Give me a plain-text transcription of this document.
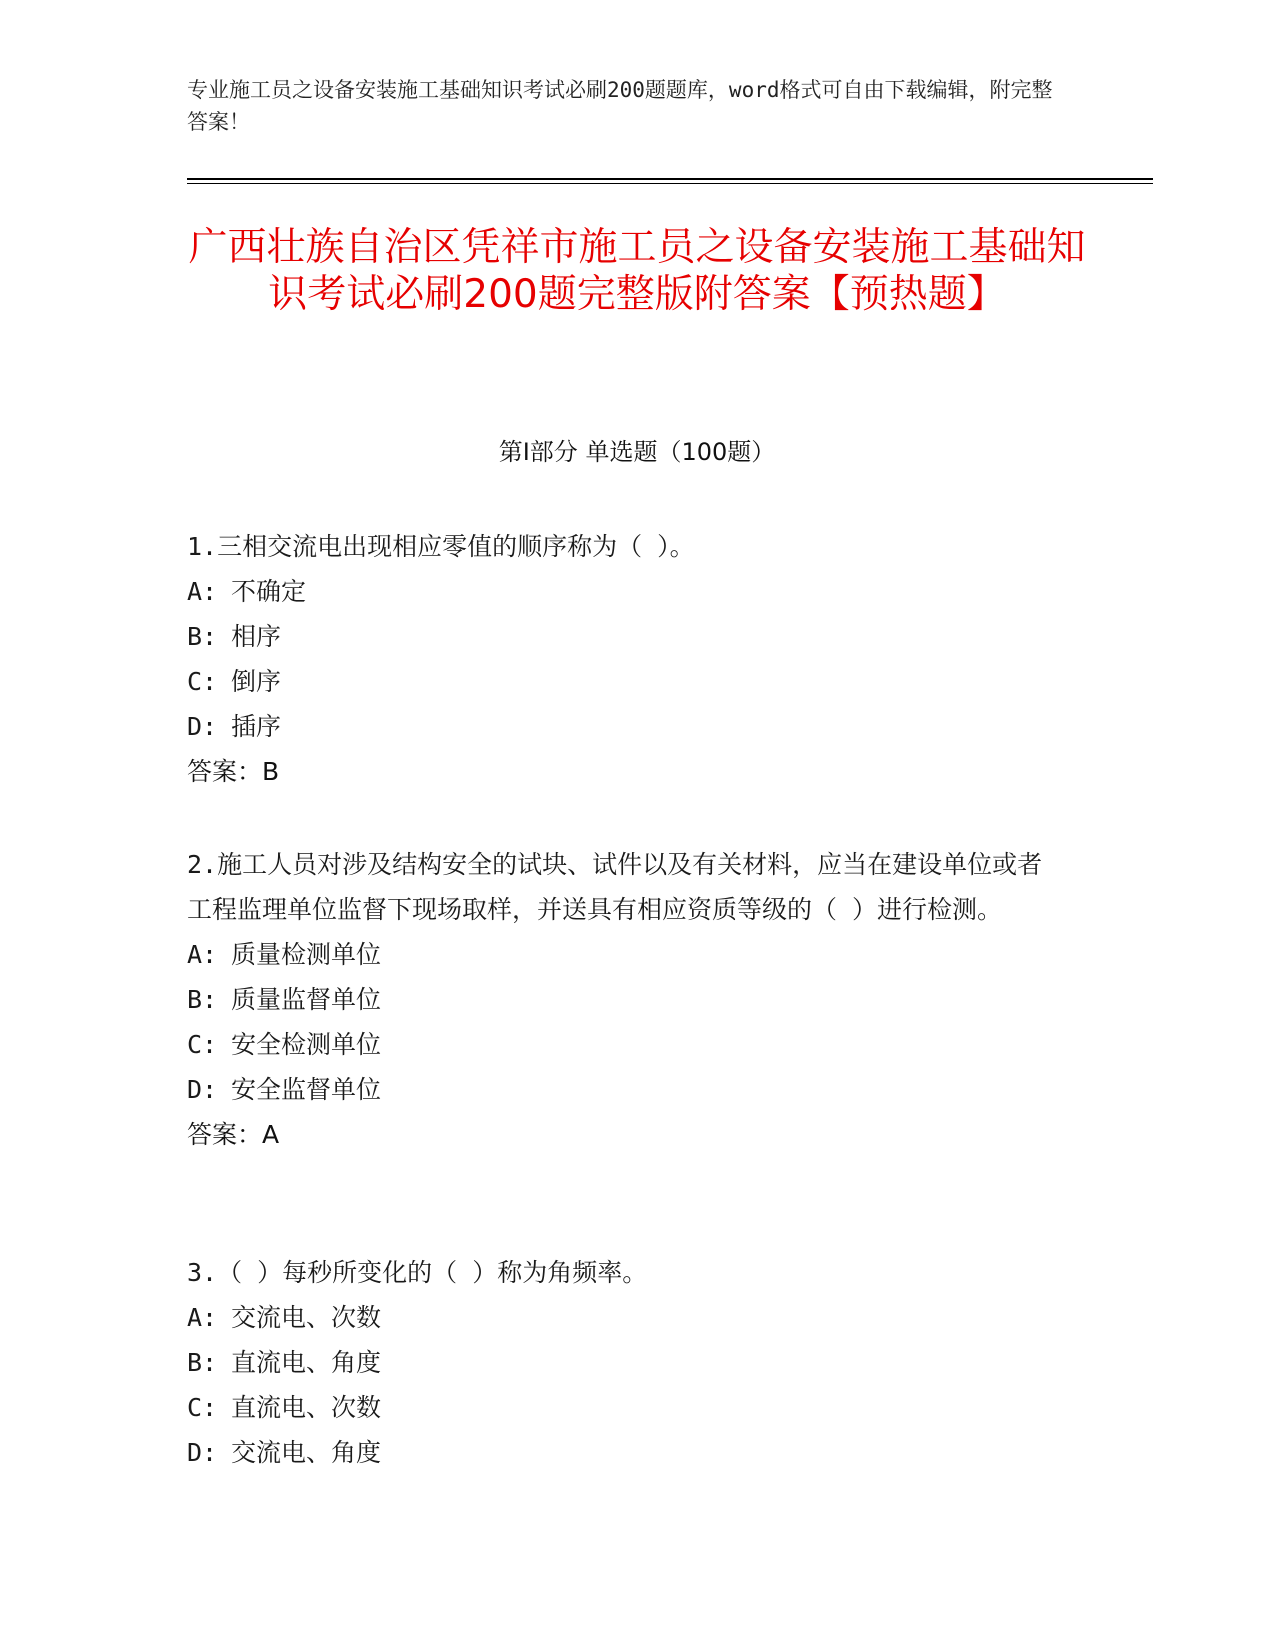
专业施工员之设备安装施工基础知识考试必刷200题题库，word格式可自由下载编辑，附完整答案！

广西壮族自治区凭祥市施工员之设备安装施工基础知识考试必刷200题完整版附答案【预热题】
第Ⅰ部分 单选题（100题）

1.三相交流电出现相应零值的顺序称为（ ）。

A: 不确定

B: 相序

C: 倒序

D: 插序

答案：B

2.施工人员对涉及结构安全的试块、试件以及有关材料，应当在建设单位或者工程监理单位监督下现场取样，并送具有相应资质等级的（ ）进行检测。

A: 质量检测单位

B: 质量监督单位

C: 安全检测单位

D: 安全监督单位

答案：A

3.（ ）每秒所变化的（ ）称为角频率。

A: 交流电、次数

B: 直流电、角度

C: 直流电、次数

D: 交流电、角度
